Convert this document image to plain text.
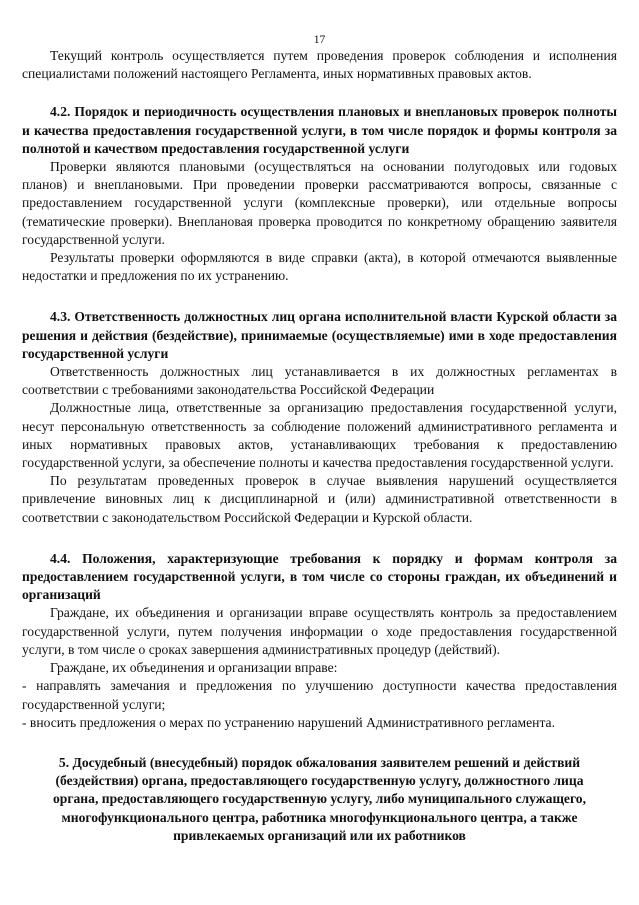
17

Текущий контроль осуществляется путем проведения проверок соблюдения и исполнения специалистами положений настоящего Регламента, иных нормативных правовых актов.

4.2. Порядок и периодичность осуществления плановых и внеплановых проверок полноты и качества предоставления государственной услуги, в том числе порядок и формы контроля за полнотой и качеством предоставления государственной услуги

Проверки являются плановыми (осуществляться на основании полугодовых или годовых планов) и внеплановыми. При проведении проверки рассматриваются вопросы, связанные с предоставлением государственной услуги (комплексные проверки), или отдельные вопросы (тематические проверки). Внеплановая проверка проводится по конкретному обращению заявителя государственной услуги.

Результаты проверки оформляются в виде справки (акта), в которой отмечаются выявленные недостатки и предложения по их устранению.

4.3. Ответственность должностных лиц органа исполнительной власти Курской области за решения и действия (бездействие), принимаемые (осуществляемые) ими в ходе предоставления государственной услуги

Ответственность должностных лиц устанавливается в их должностных регламентах в соответствии с требованиями законодательства Российской Федерации

Должностные лица, ответственные за организацию предоставления государственной услуги, несут персональную ответственность за соблюдение положений административного регламента и иных нормативных правовых актов, устанавливающих требования к предоставлению государственной услуги, за обеспечение полноты и качества предоставления государственной услуги.

По результатам проведенных проверок в случае выявления нарушений осуществляется привлечение виновных лиц к дисциплинарной и (или) административной ответственности в соответствии с законодательством Российской Федерации и Курской области.

4.4. Положения, характеризующие требования к порядку и формам контроля за предоставлением государственной услуги, в том числе со стороны граждан, их объединений и организаций

Граждане, их объединения и организации вправе осуществлять контроль за предоставлением государственной услуги, путем получения информации о ходе предоставления государственной услуги, в том числе о сроках завершения административных процедур (действий).

Граждане, их объединения и организации вправе:

- направлять замечания и предложения по улучшению доступности качества предоставления государственной услуги;

- вносить предложения о мерах по устранению нарушений Административного регламента.

5. Досудебный (внесудебный) порядок обжалования заявителем решений и действий (бездействия) органа, предоставляющего государственную услугу, должностного лица органа, предоставляющего государственную услугу, либо муниципального служащего, многофункционального центра, работника многофункционального центра, а также привлекаемых организаций или их работников
